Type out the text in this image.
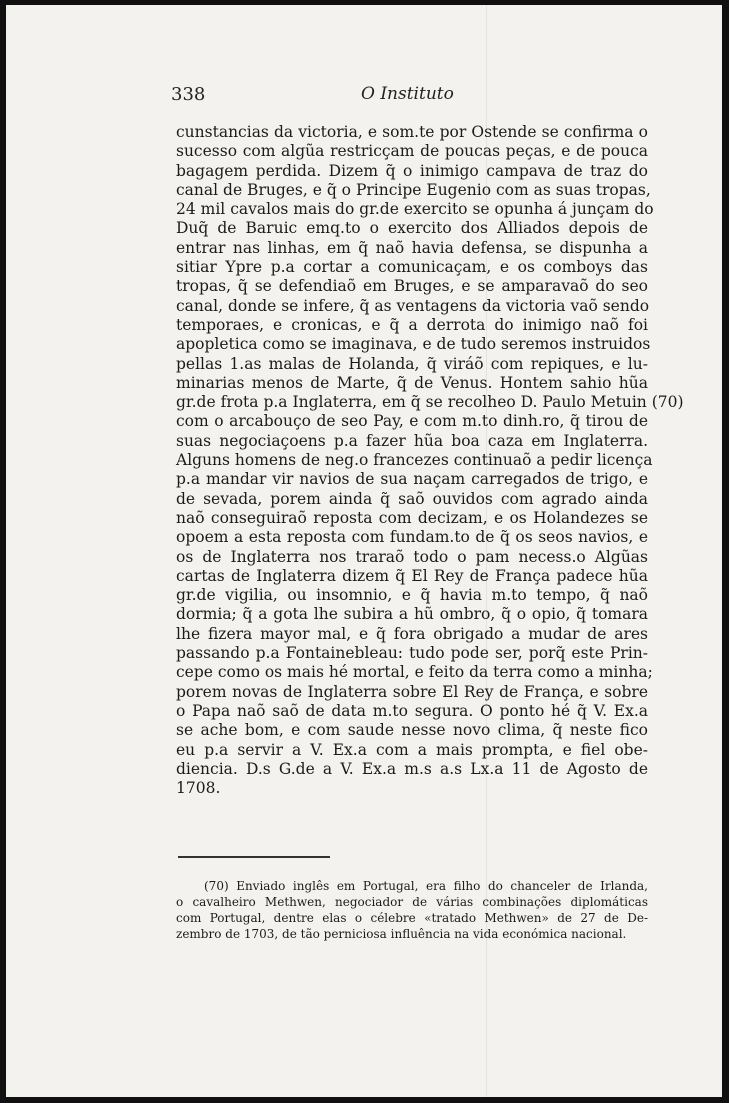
338	O Instituto
cunstancias da victoria, e som.te por Ostende se confirma o
sucesso com algũa restricçam de poucas peças, e de pouca
bagagem perdida. Dizem q̃ o inimigo campava de traz do
canal de Bruges, e q̃ o Principe Eugenio com as suas tropas,
24 mil cavalos mais do gr.de exercito se opunha á junçam do
Duq̃ de Baruic emq.to o exercito dos Alliados depois de
entrar nas linhas, em q̃ naõ havia defensa, se dispunha a
sitiar Ypre p.a cortar a comunicaçam, e os comboys das
tropas, q̃ se defendiaõ em Bruges, e se amparavaõ do seo
canal, donde se infere, q̃ as ventagens da victoria vaõ sendo
temporaes, e cronicas, e q̃ a derrota do inimigo naõ foi
apopletica como se imaginava, e de tudo seremos instruidos
pellas 1.as malas de Holanda, q̃ viráõ com repiques, e lu-
minarias menos de Marte, q̃ de Venus. Hontem sahio hũa
gr.de frota p.a Inglaterra, em q̃ se recolheo D. Paulo Metuin (70)
com o arcabouço de seo Pay, e com m.to dinh.ro, q̃ tirou de
suas negociaçoens p.a fazer hũa boa caza em Inglaterra.
Alguns homens de neg.o francezes continuaõ a pedir licença
p.a mandar vir navios de sua naçam carregados de trigo, e
de sevada, porem ainda q̃ saõ ouvidos com agrado ainda
naõ conseguiraõ reposta com decizam, e os Holandezes se
opoem a esta reposta com fundam.to de q̃ os seos navios, e
os de Inglaterra nos traraõ todo o pam necess.o Algũas
cartas de Inglaterra dizem q̃ El Rey de França padece hũa
gr.de vigilia, ou insomnio, e q̃ havia m.to tempo, q̃ naõ
dormia; q̃ a gota lhe subira a hũ ombro, q̃ o opio, q̃ tomara
lhe fizera mayor mal, e q̃ fora obrigado a mudar de ares
passando p.a Fontainebleau: tudo pode ser, porq̃ este Prin-
cepe como os mais hé mortal, e feito da terra como a minha;
porem novas de Inglaterra sobre El Rey de França, e sobre
o Papa naõ saõ de data m.to segura. O ponto hé q̃ V. Ex.a
se ache bom, e com saude nesse novo clima, q̃ neste fico
eu p.a servir a V. Ex.a com a mais prompta, e fiel obe-
diencia. D.s G.de a V. Ex.a m.s a.s Lx.a 11 de Agosto de
1708.
(70) Enviado inglês em Portugal, era filho do chanceler de Irlanda,
o cavalheiro Methwen, negociador de várias combinações diplomáticas
com Portugal, dentre elas o célebre «tratado Methwen» de 27 de De-
zembro de 1703, de tão perniciosa influência na vida económica nacional.
